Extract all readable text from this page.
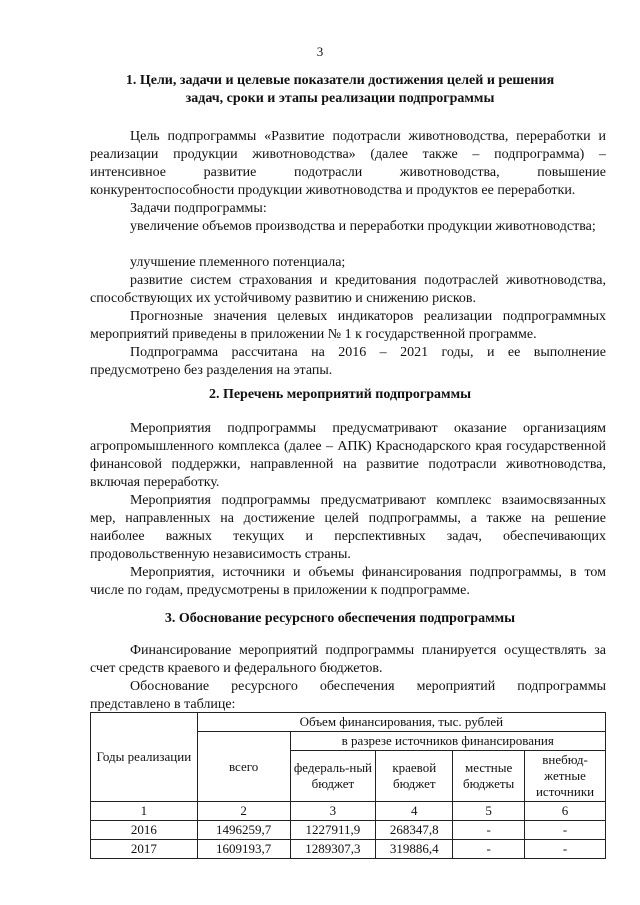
3
1. Цели, задачи и целевые показатели достижения целей и решения
задач, сроки и этапы реализации подпрограммы
Цель подпрограммы «Развитие подотрасли животноводства, переработки и реализации продукции животноводства» (далее также – подпрограмма) – интенсивное развитие подотрасли животноводства, повышение конкурентоспособности продукции животноводства и продуктов ее переработки.
Задачи подпрограммы:
увеличение объемов производства и переработки продукции животноводства;
улучшение племенного потенциала;
развитие систем страхования и кредитования подотраслей животноводства, способствующих их устойчивому развитию и снижению рисков.
Прогнозные значения целевых индикаторов реализации подпрограммных мероприятий приведены в приложении № 1 к государственной программе.
Подпрограмма рассчитана на 2016 – 2021 годы, и ее выполнение предусмотрено без разделения на этапы.
2. Перечень мероприятий подпрограммы
Мероприятия подпрограммы предусматривают оказание организациям агропромышленного комплекса (далее – АПК) Краснодарского края государственной финансовой поддержки, направленной на развитие подотрасли животноводства, включая переработку.
Мероприятия подпрограммы предусматривают комплекс взаимосвязанных мер, направленных на достижение целей подпрограммы, а также на решение наиболее важных текущих и перспективных задач, обеспечивающих продовольственную независимость страны.
Мероприятия, источники и объемы финансирования подпрограммы, в том числе по годам, предусмотрены в приложении к подпрограмме.
3. Обоснование ресурсного обеспечения подпрограммы
Финансирование мероприятий подпрограммы планируется осуществлять за счет средств краевого и федерального бюджетов.
Обоснование ресурсного обеспечения мероприятий подпрограммы представлено в таблице:
Годы реализации	Объем финансирования, тыс. рублей				
	всего	в разрезе источников финансирования			
		федераль-ный бюджет	краевой бюджет	местные бюджеты	внебюд-жетные источники
1	2	3	4	5	6
2016	1496259,7	1227911,9	268347,8	-	-
2017	1609193,7	1289307,3	319886,4	-	-
